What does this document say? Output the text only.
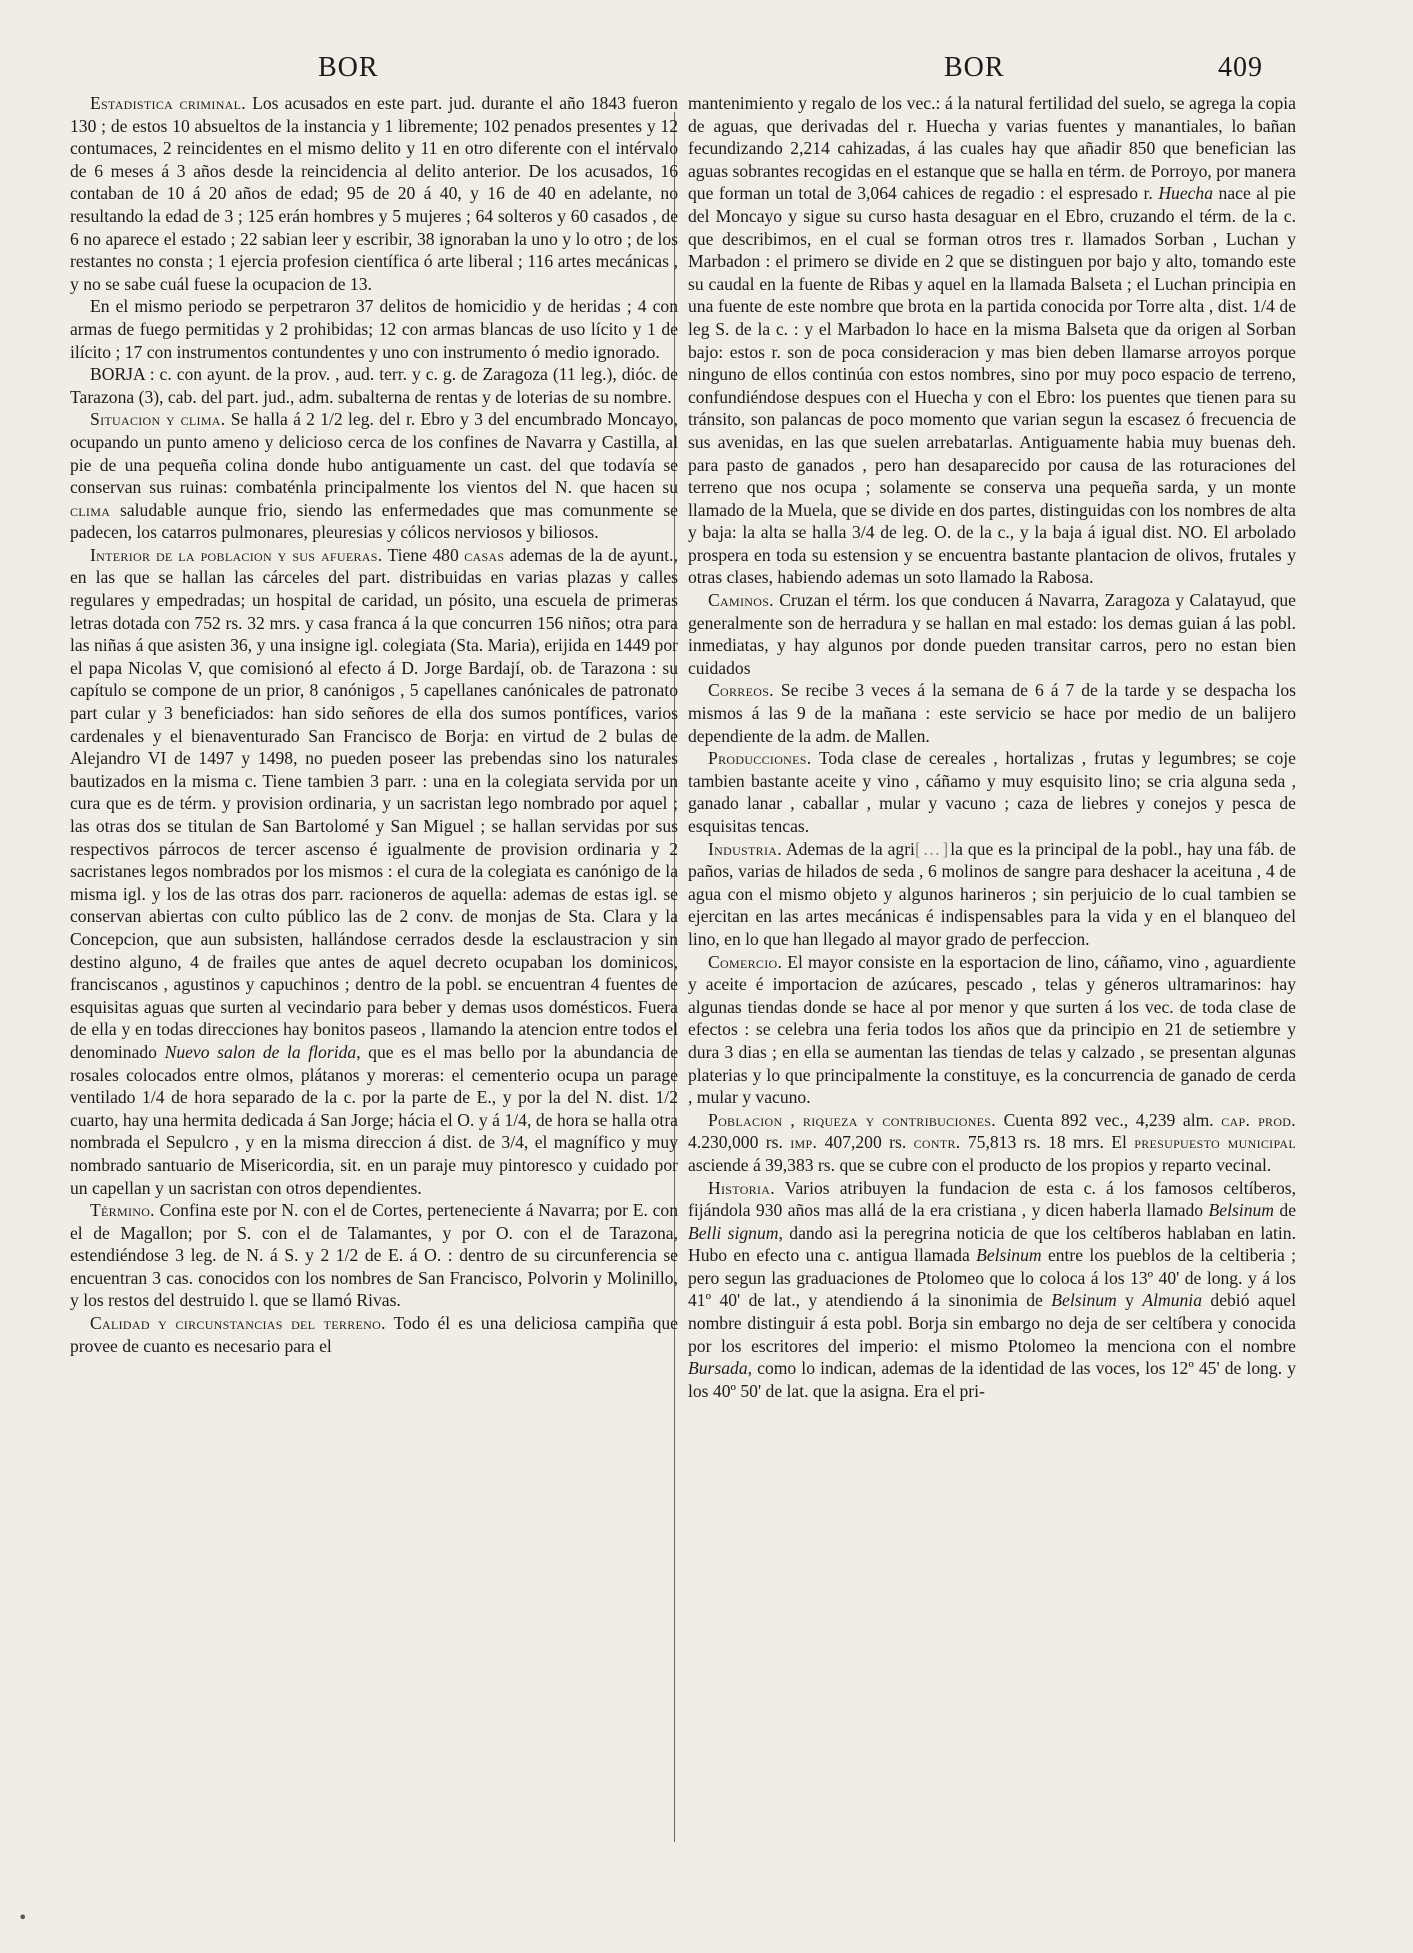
BOR	BOR	409

Estadistica criminal. Los acusados en este part. jud. durante el año 1843 fueron 130 ; de estos 10 absueltos de la instancia y 1 libremente; 102 penados presentes y 12 contumaces, 2 reincidentes en el mismo delito y 11 en otro diferente con el intérvalo de 6 meses á 3 años desde la reincidencia al delito anterior. De los acusados, 16 contaban de 10 á 20 años de edad; 95 de 20 á 40, y 16 de 40 en adelante, no resultando la edad de 3 ; 125 erán hombres y 5 mujeres ; 64 solteros y 60 casados , de 6 no aparece el estado ; 22 sabian leer y escribir, 38 ignoraban la uno y lo otro ; de los restantes no consta ; 1 ejercia profesion científica ó arte liberal ; 116 artes mecánicas , y no se sabe cuál fuese la ocupacion de 13.

En el mismo periodo se perpetraron 37 delitos de homicidio y de heridas ; 4 con armas de fuego permitidas y 2 prohibidas; 12 con armas blancas de uso lícito y 1 de ilícito ; 17 con instrumentos contundentes y uno con instrumento ó medio ignorado.

BORJA : c. con ayunt. de la prov. , aud. terr. y c. g. de Zaragoza (11 leg.), dióc. de Tarazona (3), cab. del part. jud., adm. subalterna de rentas y de loterias de su nombre.

Situacion y clima. Se halla á 2 1/2 leg. del r. Ebro y 3 del encumbrado Moncayo, ocupando un punto ameno y delicioso cerca de los confines de Navarra y Castilla, al pie de una pequeña colina donde hubo antiguamente un cast. del que todavía se conservan sus ruinas: combaténla principalmente los vientos del N. que hacen su clima saludable aunque frio, siendo las enfermedades que mas comunmente se padecen, los catarros pulmonares, pleuresias y cólicos nerviosos y biliosos.

Interior de la poblacion y sus afueras. Tiene 480 casas ademas de la de ayunt., en las que se hallan las cárceles del part. distribuidas en varias plazas y calles regulares y empedradas; un hospital de caridad, un pósito, una escuela de primeras letras dotada con 752 rs. 32 mrs. y casa franca á la que concurren 156 niños; otra para las niñas á que asisten 36, y una insigne igl. colegiata (Sta. Maria), erijida en 1449 por el papa Nicolas V, que comisionó al efecto á D. Jorge Bardají, ob. de Tarazona : su capítulo se compone de un prior, 8 canónigos , 5 capellanes canónicales de patronato part cular y 3 beneficiados: han sido señores de ella dos sumos pontífices, varios cardenales y el bienaventurado San Francisco de Borja: en virtud de 2 bulas de Alejandro VI de 1497 y 1498, no pueden poseer las prebendas sino los naturales bautizados en la misma c. Tiene tambien 3 parr. : una en la colegiata servida por un cura que es de térm. y provision ordinaria, y un sacristan lego nombrado por aquel ; las otras dos se titulan de San Bartolomé y San Miguel ; se hallan servidas por sus respectivos párrocos de tercer ascenso é igualmente de provision ordinaria y 2 sacristanes legos nombrados por los mismos : el cura de la colegiata es canónigo de la misma igl. y los de las otras dos parr. racioneros de aquella: ademas de estas igl. se conservan abiertas con culto público las de 2 conv. de monjas de Sta. Clara y la Concepcion, que aun subsisten, hallándose cerrados desde la esclaustracion y sin destino alguno, 4 de frailes que antes de aquel decreto ocupaban los dominicos, franciscanos , agustinos y capuchinos ; dentro de la pobl. se encuentran 4 fuentes de esquisitas aguas que surten al vecindario para beber y demas usos domésticos. Fuera de ella y en todas direcciones hay bonitos paseos , llamando la atencion entre todos el denominado Nuevo salon de la florida, que es el mas bello por la abundancia de rosales colocados entre olmos, plátanos y moreras: el cementerio ocupa un parage ventilado 1/4 de hora separado de la c. por la parte de E., y por la del N. dist. 1/2 cuarto, hay una hermita dedicada á San Jorge; hácia el O. y á 1/4, de hora se halla otra nombrada el Sepulcro , y en la misma direccion á dist. de 3/4, el magnífico y muy nombrado santuario de Misericordia, sit. en un paraje muy pintoresco y cuidado por un capellan y un sacristan con otros dependientes.

Término. Confina este por N. con el de Cortes, perteneciente á Navarra; por E. con el de Magallon; por S. con el de Talamantes, y por O. con el de Tarazona, estendiéndose 3 leg. de N. á S. y 2 1/2 de E. á O. : dentro de su circunferencia se encuentran 3 cas. conocidos con los nombres de San Francisco, Polvorin y Molinillo, y los restos del destruido l. que se llamó Rivas.

Calidad y circunstancias del terreno. Todo él es una deliciosa campiña que provee de cuanto es necesario para el

mantenimiento y regalo de los vec.: á la natural fertilidad del suelo, se agrega la copia de aguas, que derivadas del r. Huecha y varias fuentes y manantiales, lo bañan fecundizando 2,214 cahizadas, á las cuales hay que añadir 850 que benefician las aguas sobrantes recogidas en el estanque que se halla en térm. de Porroyo, por manera que forman un total de 3,064 cahices de regadio : el espresado r. Huecha nace al pie del Moncayo y sigue su curso hasta desaguar en el Ebro, cruzando el térm. de la c. que describimos, en el cual se forman otros tres r. llamados Sorban , Luchan y Marbadon : el primero se divide en 2 que se distinguen por bajo y alto, tomando este su caudal en la fuente de Ribas y aquel en la llamada Balseta ; el Luchan principia en una fuente de este nombre que brota en la partida conocida por Torre alta , dist. 1/4 de leg S. de la c. : y el Marbadon lo hace en la misma Balseta que da origen al Sorban bajo: estos r. son de poca consideracion y mas bien deben llamarse arroyos porque ninguno de ellos continúa con estos nombres, sino por muy poco espacio de terreno, confundiéndose despues con el Huecha y con el Ebro: los puentes que tienen para su tránsito, son palancas de poco momento que varian segun la escasez ó frecuencia de sus avenidas, en las que suelen arrebatarlas. Antiguamente habia muy buenas deh. para pasto de ganados , pero han desaparecido por causa de las roturaciones del terreno que nos ocupa ; solamente se conserva una pequeña sarda, y un monte llamado de la Muela, que se divide en dos partes, distinguidas con los nombres de alta y baja: la alta se halla 3/4 de leg. O. de la c., y la baja á igual dist. NO. El arbolado prospera en toda su estension y se encuentra bastante plantacion de olivos, frutales y otras clases, habiendo ademas un soto llamado la Rabosa.

Caminos. Cruzan el térm. los que conducen á Navarra, Zaragoza y Calatayud, que generalmente son de herradura y se hallan en mal estado: los demas guian á las pobl. inmediatas, y hay algunos por donde pueden transitar carros, pero no estan bien cuidados

Correos. Se recibe 3 veces á la semana de 6 á 7 de la tarde y se despacha los mismos á las 9 de la mañana : este servicio se hace por medio de un balijero dependiente de la adm. de Mallen.

Producciones. Toda clase de cereales , hortalizas , frutas y legumbres; se coje tambien bastante aceite y vino , cáñamo y muy esquisito lino; se cria alguna seda , ganado lanar , caballar , mular y vacuno ; caza de liebres y conejos y pesca de esquisitas tencas.

Industria. Ademas de la agri[…]la que es la principal de la pobl., hay una fáb. de paños, varias de hilados de seda , 6 molinos de sangre para deshacer la aceituna , 4 de agua con el mismo objeto y algunos harineros ; sin perjuicio de lo cual tambien se ejercitan en las artes mecánicas é indispensables para la vida y en el blanqueo del lino, en lo que han llegado al mayor grado de perfeccion.

Comercio. El mayor consiste en la esportacion de lino, cáñamo, vino , aguardiente y aceite é importacion de azúcares, pescado , telas y géneros ultramarinos: hay algunas tiendas donde se hace al por menor y que surten á los vec. de toda clase de efectos : se celebra una feria todos los años que da principio en 21 de setiembre y dura 3 dias ; en ella se aumentan las tiendas de telas y calzado , se presentan algunas platerias y lo que principalmente la constituye, es la concurrencia de ganado de cerda , mular y vacuno.

Poblacion , riqueza y contribuciones. Cuenta 892 vec., 4,239 alm. cap. prod. 4.230,000 rs. imp. 407,200 rs. contr. 75,813 rs. 18 mrs. El presupuesto municipal asciende á 39,383 rs. que se cubre con el producto de los propios y reparto vecinal.

Historia. Varios atribuyen la fundacion de esta c. á los famosos celtíberos, fijándola 930 años mas allá de la era cristiana , y dicen haberla llamado Belsinum de Belli signum, dando asi la peregrina noticia de que los celtíberos hablaban en latin. Hubo en efecto una c. antigua llamada Belsinum entre los pueblos de la celtiberia ; pero segun las graduaciones de Ptolomeo que lo coloca á los 13º 40' de long. y á los 41º 40' de lat., y atendiendo á la sinonimia de Belsinum y Almunia debió aquel nombre distinguir á esta pobl. Borja sin embargo no deja de ser celtíbera y conocida por los escritores del imperio: el mismo Ptolomeo la menciona con el nombre Bursada, como lo indican, ademas de la identidad de las voces, los 12º 45' de long. y los 40º 50' de lat. que la asigna. Era el pri-

•
